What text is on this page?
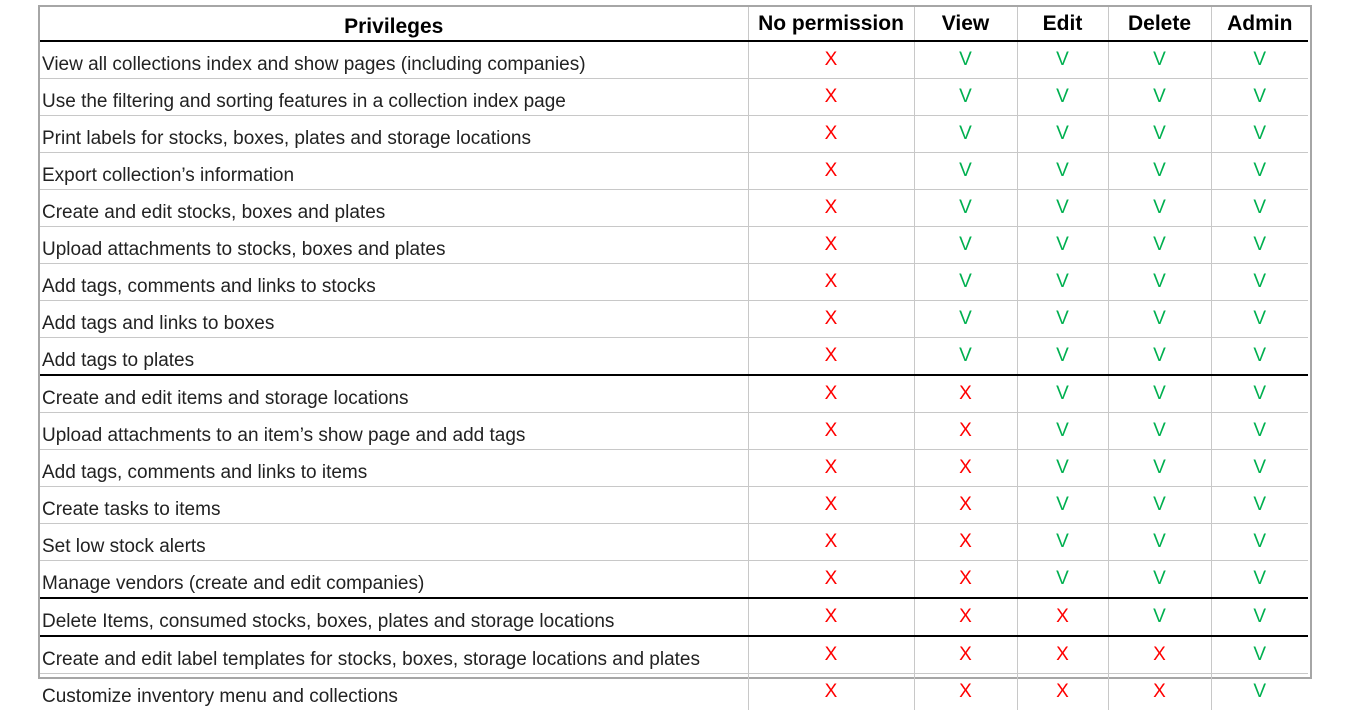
Privileges	No permission	View	Edit	Delete	Admin
View all collections index and show pages (including companies)	X	V	V	V	V
Use the filtering and sorting features in a collection index page	X	V	V	V	V
Print labels for stocks, boxes, plates and storage locations	X	V	V	V	V
Export collection’s information	X	V	V	V	V
Create and edit stocks, boxes and plates	X	V	V	V	V
Upload attachments to stocks, boxes and plates	X	V	V	V	V
Add tags, comments and links to stocks	X	V	V	V	V
Add tags and links to boxes	X	V	V	V	V
Add tags to plates	X	V	V	V	V
Create and edit items and storage locations	X	X	V	V	V
Upload attachments to an item’s show page and add tags	X	X	V	V	V
Add tags, comments and links to items	X	X	V	V	V
Create tasks to items	X	X	V	V	V
Set low stock alerts	X	X	V	V	V
Manage vendors (create and edit companies)	X	X	V	V	V
Delete Items, consumed stocks, boxes, plates and storage locations	X	X	X	V	V
Create and edit label templates for stocks, boxes, storage locations and plates	X	X	X	X	V
Customize inventory menu and collections	X	X	X	X	V
